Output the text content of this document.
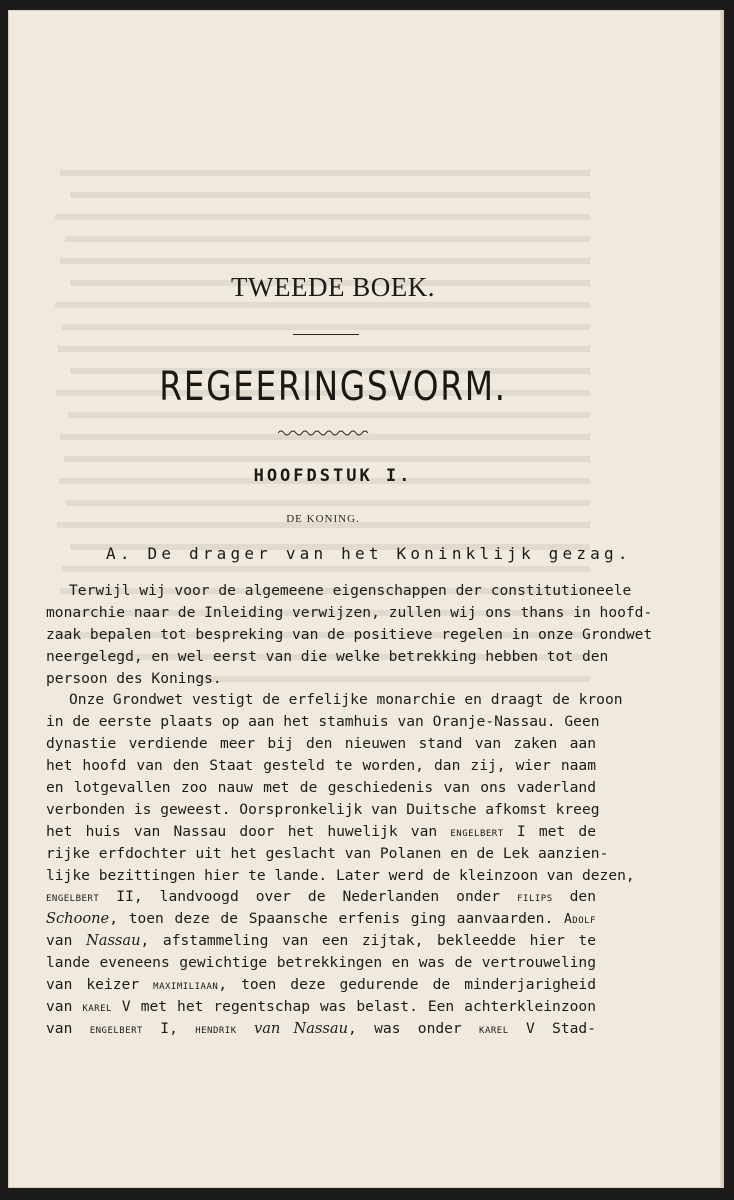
TWEEDE BOEK.
REGEERINGSVORM.
HOOFDSTUK I.
DE KONING.
A. De drager van het Koninklijk gezag.
Terwijl wij voor de algemeene eigenschappen der constitutioneele
monarchie naar de Inleiding verwijzen, zullen wij ons thans in hoofd-
zaak bepalen tot bespreking van de positieve regelen in onze Grondwet
neergelegd, en wel eerst van die welke betrekking hebben tot den
persoon des Konings.
Onze Grondwet vestigt de erfelijke monarchie en draagt de kroon
in de eerste plaats op aan het stamhuis van Oranje-Nassau. Geen
dynastie verdiende meer bij den nieuwen stand van zaken aan
het hoofd van den Staat gesteld te worden, dan zij, wier naam
en lotgevallen zoo nauw met de geschiedenis van ons vaderland
verbonden is geweest. Oorspronkelijk van Duitsche afkomst kreeg
het huis van Nassau door het huwelijk van engelbert I met de
rijke erfdochter uit het geslacht van Polanen en de Lek aanzien-
lijke bezittingen hier te lande. Later werd de kleinzoon van dezen,
engelbert II, landvoogd over de Nederlanden onder filips den
Schoone, toen deze de Spaansche erfenis ging aanvaarden. Adolf
van Nassau, afstammeling van een zijtak, bekleedde hier te
lande eveneens gewichtige betrekkingen en was de vertrouweling
van keizer maximiliaan, toen deze gedurende de minderjarigheid
van karel V met het regentschap was belast. Een achterkleinzoon
van engelbert I, hendrik van Nassau, was onder karel V Stad-
